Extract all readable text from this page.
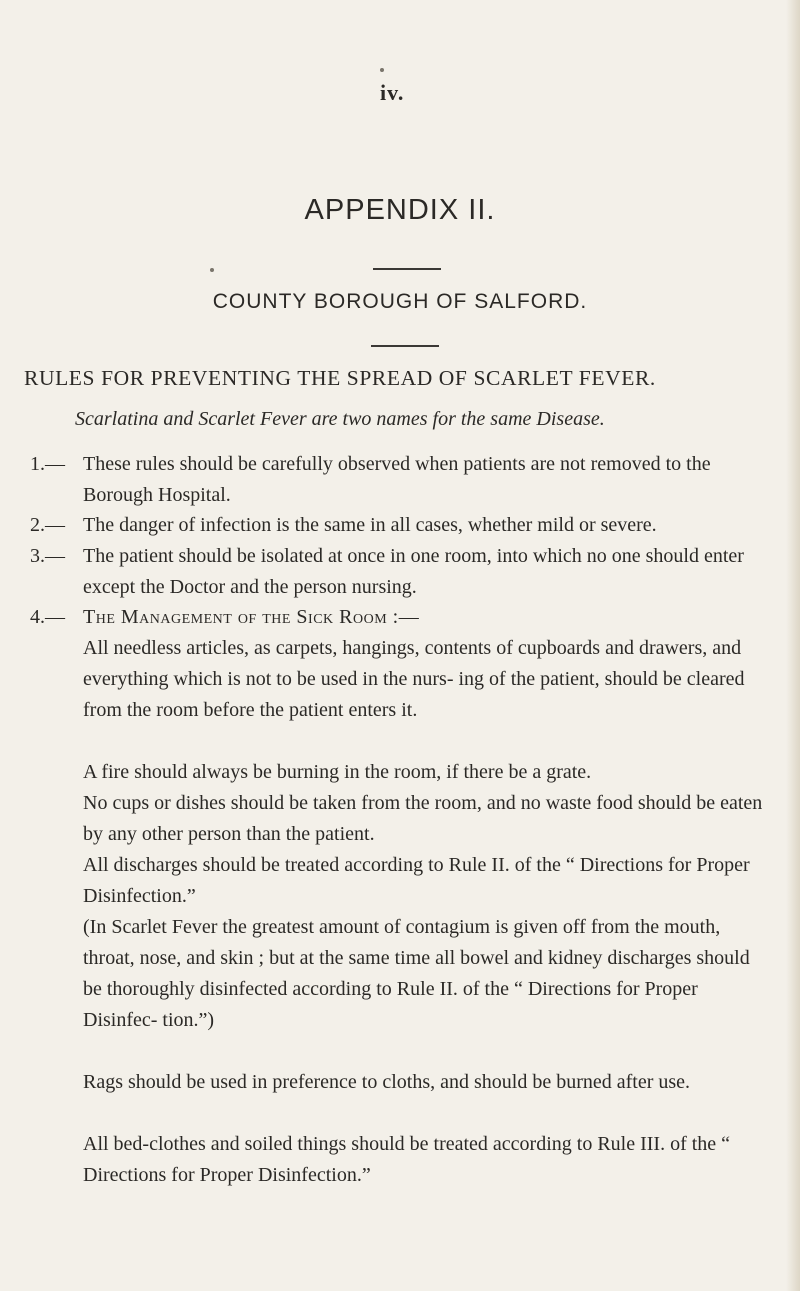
iv.
APPENDIX II.
COUNTY BOROUGH OF SALFORD.
RULES FOR PREVENTING THE SPREAD OF SCARLET FEVER.
Scarlatina and Scarlet Fever are two names for the same Disease.
1.— These rules should be carefully observed when patients are not removed to the Borough Hospital.
2.— The danger of infection is the same in all cases, whether mild or severe.
3.— The patient should be isolated at once in one room, into which no one should enter except the Doctor and the person nursing.
4.— The Management of the Sick Room :—
All needless articles, as carpets, hangings, contents of cupboards and drawers, and everything which is not to be used in the nurs- ing of the patient, should be cleared from the room before the patient enters it.
A fire should always be burning in the room, if there be a grate.
No cups or dishes should be taken from the room, and no waste food should be eaten by any other person than the patient.
All discharges should be treated according to Rule II. of the “ Directions for Proper Disinfection.”
(In Scarlet Fever the greatest amount of contagium is given off from the mouth, throat, nose, and skin ; but at the same time all bowel and kidney discharges should be thoroughly disinfected according to Rule II. of the “ Directions for Proper Disinfec- tion.”)
Rags should be used in preference to cloths, and should be burned after use.
All bed-clothes and soiled things should be treated according to Rule III. of the “ Directions for Proper Disinfection.”
